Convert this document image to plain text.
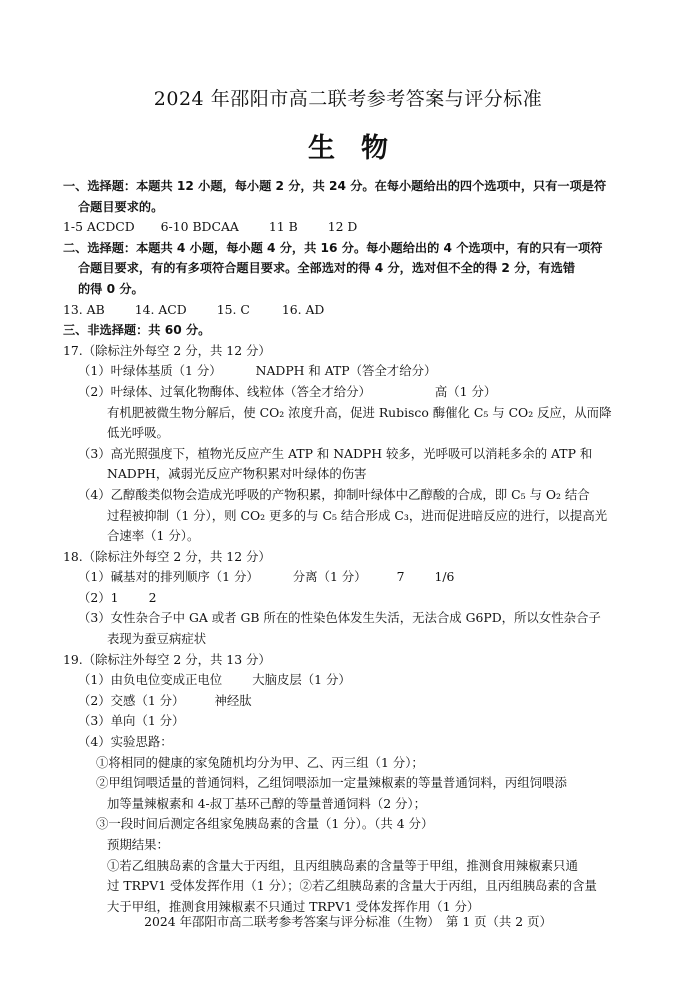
2024 年邵阳市高二联考参考答案与评分标准
生物
一、选择题：本题共 12 小题，每小题 2 分，共 24 分。在每小题给出的四个选项中，只有一项是符
合题目要求的。
1-5 ACDCD 6-10 BDCAA 11 B 12 D
二、选择题：本题共 4 小题，每小题 4 分，共 16 分。每小题给出的 4 个选项中，有的只有一项符
合题目要求，有的有多项符合题目要求。全部选对的得 4 分，选对但不全的得 2 分，有选错
的得 0 分。
13. AB 14. ACD 15. C	16. AD
三、非选择题：共 60 分。
17.（除标注外每空 2 分，共 12 分）
（1）叶绿体基质（1 分）	NADPH 和 ATP（答全才给分）
（2）叶绿体、过氧化物酶体、线粒体（答全才给分）	高（1 分）
有机肥被微生物分解后，使 CO₂ 浓度升高，促进 Rubisco 酶催化 C₅ 与 CO₂ 反应，从而降
低光呼吸。
（3）高光照强度下，植物光反应产生 ATP 和 NADPH 较多，光呼吸可以消耗多余的 ATP 和
NADPH，减弱光反应产物积累对叶绿体的伤害
（4）乙醇酸类似物会造成光呼吸的产物积累，抑制叶绿体中乙醇酸的合成，即 C₅ 与 O₂ 结合
过程被抑制（1 分），则 CO₂ 更多的与 C₅ 结合形成 C₃，进而促进暗反应的进行，以提高光
合速率（1 分）。
18.（除标注外每空 2 分，共 12 分）
（1）碱基对的排列顺序（1 分）	分离（1 分） 7 1/6
（2）1 2
（3）女性杂合子中 GA 或者 GB 所在的性染色体发生失活，无法合成 G6PD，所以女性杂合子
表现为蚕豆病症状
19.（除标注外每空 2 分，共 13 分）
（1）由负电位变成正电位 大脑皮层（1 分）
（2）交感（1 分） 神经肽
（3）单向（1 分）
（4）实验思路：
①将相同的健康的家兔随机均分为甲、乙、丙三组（1 分）；
②甲组饲喂适量的普通饲料，乙组饲喂添加一定量辣椒素的等量普通饲料，丙组饲喂添
加等量辣椒素和 4-叔丁基环己醇的等量普通饲料（2 分）；
③一段时间后测定各组家兔胰岛素的含量（1 分）。（共 4 分）
预期结果：
①若乙组胰岛素的含量大于丙组，且丙组胰岛素的含量等于甲组，推测食用辣椒素只通
过 TRPV1 受体发挥作用（1 分）；②若乙组胰岛素的含量大于丙组，且丙组胰岛素的含量
大于甲组，推测食用辣椒素不只通过 TRPV1 受体发挥作用（1 分）
2024 年邵阳市高二联考参考答案与评分标准（生物）　第 1 页（共 2 页）
